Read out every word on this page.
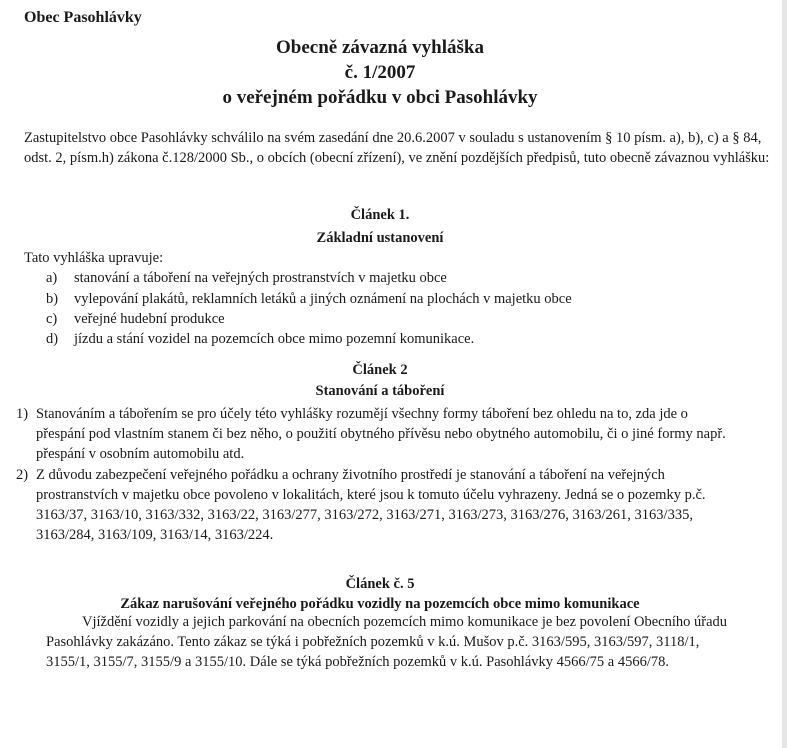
Obec Pasohlávky
Obecně závazná vyhláška
č. 1/2007
o veřejném pořádku v obci Pasohlávky
Zastupitelstvo obce Pasohlávky schválilo na svém zasedání dne 20.6.2007 v souladu s ustanovením § 10 písm. a), b), c) a § 84, odst. 2, písm.h) zákona č.128/2000 Sb., o obcích (obecní zřízení), ve znění pozdějších předpisů, tuto obecně závaznou vyhlášku:
Článek 1.
Základní ustanovení
Tato vyhláška upravuje:
a) stanování a táboření na veřejných prostranstvích v majetku obce
b) vylepování plakátů, reklamních letáků a jiných oznámení na plochách v majetku obce
c) veřejné hudební produkce
d) jízdu a stání vozidel na pozemcích obce mimo pozemní komunikace.
Článek 2
Stanování a táboření
1) Stanováním a tábořením se pro účely této vyhlášky rozumějí všechny formy táboření bez ohledu na to, zda jde o přespání pod vlastním stanem či bez něho, o použití obytného přívěsu nebo obytného automobilu, či o jiné formy např. přespání v osobním automobilu atd.
2) Z důvodu zabezpečení veřejného pořádku a ochrany životního prostředí je stanování a táboření na veřejných prostranstvích v majetku obce povoleno v lokalitách, které jsou k tomuto účelu vyhrazeny. Jedná se o pozemky p.č. 3163/37, 3163/10, 3163/332, 3163/22, 3163/277, 3163/272, 3163/271, 3163/273, 3163/276, 3163/261, 3163/335, 3163/284, 3163/109, 3163/14, 3163/224.
Článek č. 5
Zákaz narušování veřejného pořádku vozidly na pozemcích obce mimo komunikace
Vjíždění vozidly a jejich parkování na obecních pozemcích mimo komunikace je bez povolení Obecního úřadu Pasohlávky zakázáno. Tento zákaz se týká i pobřežních pozemků v k.ú. Mušov p.č. 3163/595, 3163/597, 3118/1, 3155/1, 3155/7, 3155/9 a 3155/10. Dále se týká pobřežních pozemků v k.ú. Pasohlávky 4566/75 a 4566/78.
